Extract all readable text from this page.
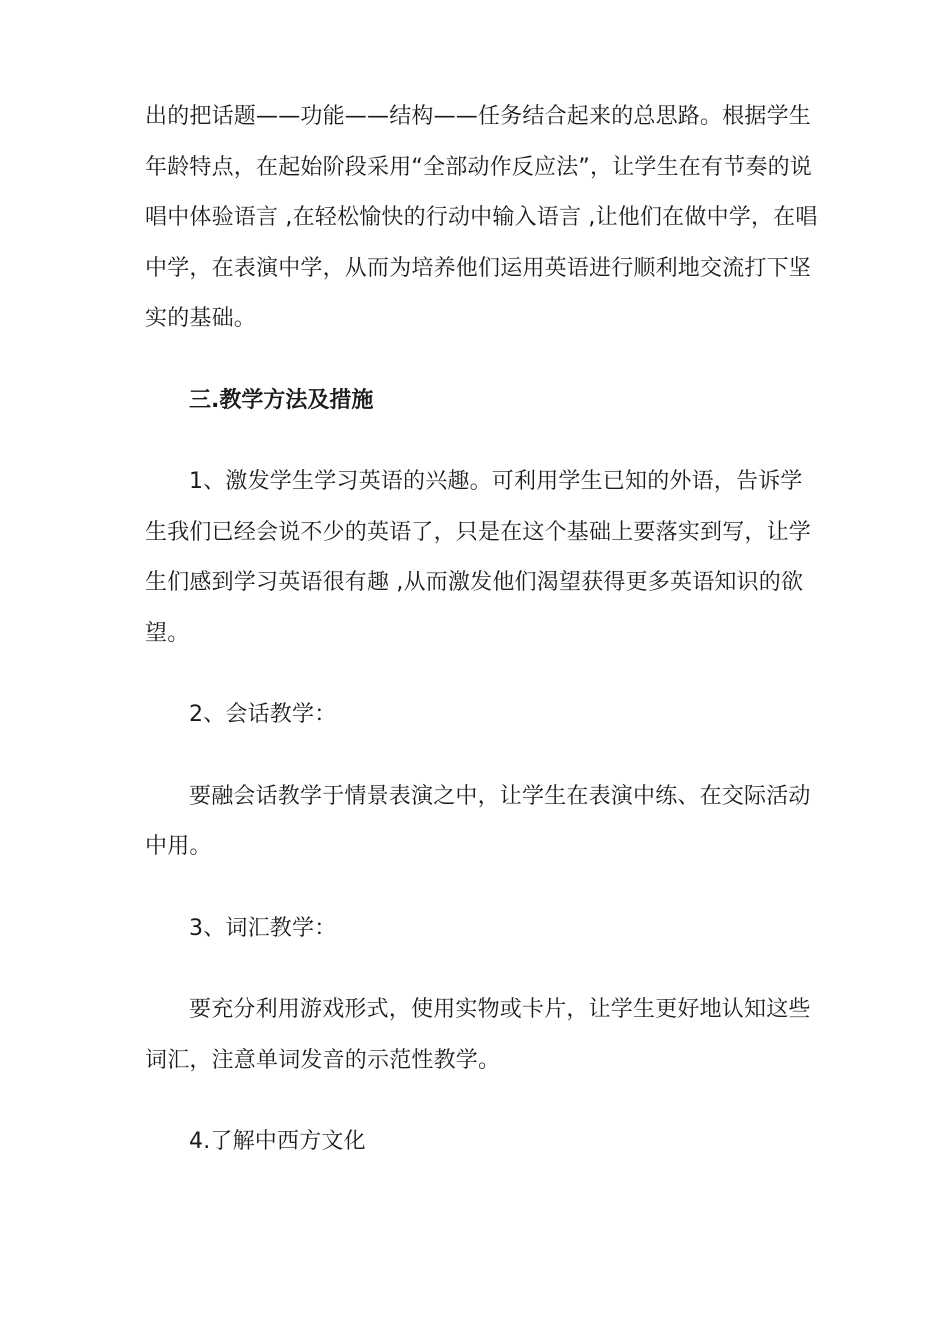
出的把话题——功能——结构——任务结合起来的总思路。根据学生年龄特点，在起始阶段采用“全部动作反应法”，让学生在有节奏的说唱中体验语言 ,在轻松愉快的行动中输入语言 ,让他们在做中学，在唱中学，在表演中学，从而为培养他们运用英语进行顺利地交流打下坚实的基础。

三.教学方法及措施

1、激发学生学习英语的兴趣。可利用学生已知的外语，告诉学生我们已经会说不少的英语了，只是在这个基础上要落实到写，让学生们感到学习英语很有趣 ,从而激发他们渴望获得更多英语知识的欲望。

2、会话教学：

要融会话教学于情景表演之中，让学生在表演中练、在交际活动中用。

3、词汇教学：

要充分利用游戏形式，使用实物或卡片，让学生更好地认知这些词汇，注意单词发音的示范性教学。

4.了解中西方文化
